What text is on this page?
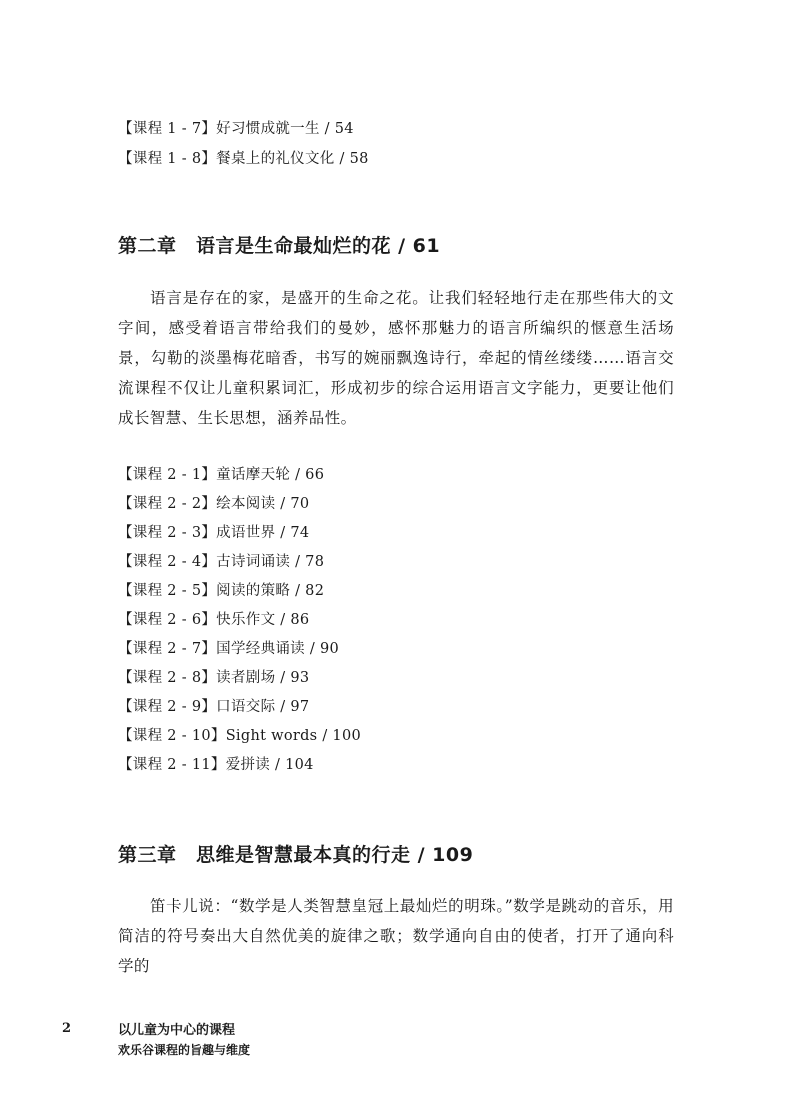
【课程 1 - 7】好习惯成就一生 / 54
【课程 1 - 8】餐桌上的礼仪文化 / 58
第二章　语言是生命最灿烂的花 / 61

语言是存在的家，是盛开的生命之花。让我们轻轻地行走在那些伟大的文字间，感受着语言带给我们的曼妙，感怀那魅力的语言所编织的惬意生活场景，勾勒的淡墨梅花暗香，书写的婉丽飘逸诗行，牵起的情丝缕缕……语言交流课程不仅让儿童积累词汇，形成初步的综合运用语言文字能力，更要让他们成长智慧、生长思想，涵养品性。

【课程 2 - 1】童话摩天轮 / 66
【课程 2 - 2】绘本阅读 / 70
【课程 2 - 3】成语世界 / 74
【课程 2 - 4】古诗词诵读 / 78
【课程 2 - 5】阅读的策略 / 82
【课程 2 - 6】快乐作文 / 86
【课程 2 - 7】国学经典诵读 / 90
【课程 2 - 8】读者剧场 / 93
【课程 2 - 9】口语交际 / 97
【课程 2 - 10】Sight words / 100
【课程 2 - 11】爱拼读 / 104
第三章　思维是智慧最本真的行走 / 109

笛卡儿说：“数学是人类智慧皇冠上最灿烂的明珠。”数学是跳动的音乐，用简洁的符号奏出大自然优美的旋律之歌；数学通向自由的使者，打开了通向科学的

2	以儿童为中心的课程
欢乐谷课程的旨趣与维度
